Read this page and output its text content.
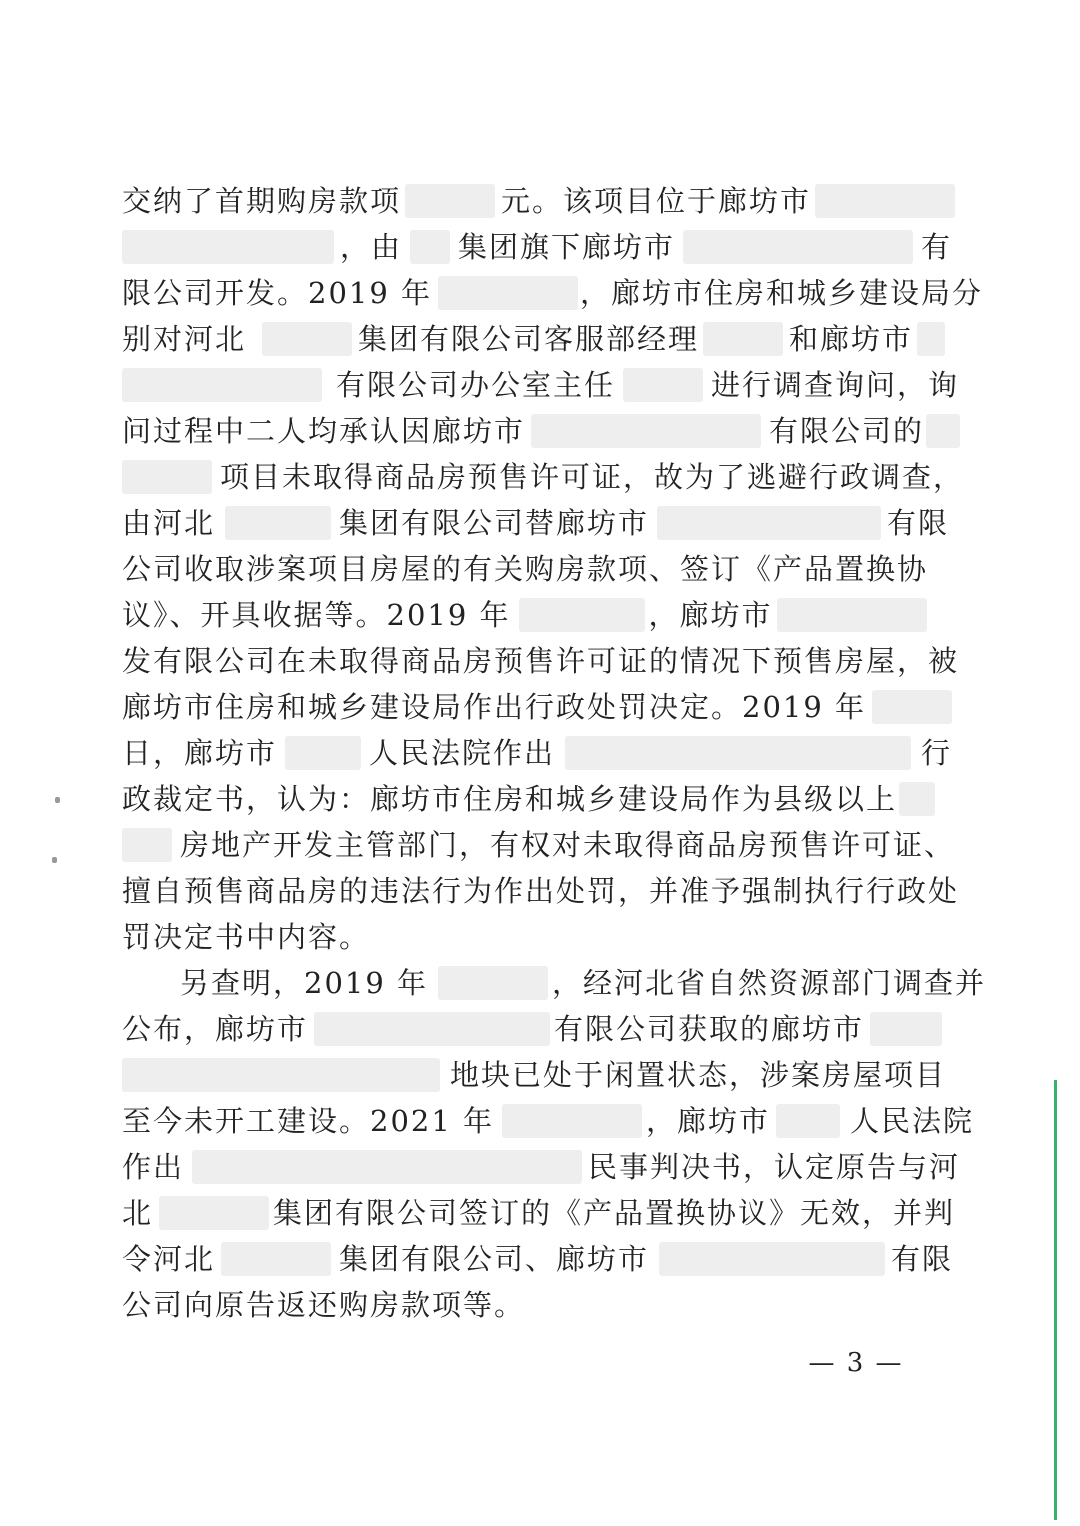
交纳了首期购房款项	元。该项目位于廊坊市
，由 集团旗下廊坊市	有
限公司开发。2019 年	，廊坊市住房和城乡建设局分
别对河北	集团有限公司客服部经理	和廊坊市
有限公司办公室主任	进行调查询问，询
问过程中二人均承认因廊坊市	有限公司的
项目未取得商品房预售许可证，故为了逃避行政调查，
由河北	集团有限公司替廊坊市	有限
公司收取涉案项目房屋的有关购房款项、签订《产品置换协
议》、开具收据等。2019 年	，廊坊市
发有限公司在未取得商品房预售许可证的情况下预售房屋，被
廊坊市住房和城乡建设局作出行政处罚决定。2019 年
日，廊坊市	人民法院作出	行
政裁定书，认为：廊坊市住房和城乡建设局作为县级以上
房地产开发主管部门，有权对未取得商品房预售许可证、
擅自预售商品房的违法行为作出处罚，并准予强制执行行政处
罚决定书中内容。
另查明，2019 年	，经河北省自然资源部门调查并
公布，廊坊市	有限公司获取的廊坊市
地块已处于闲置状态，涉案房屋项目
至今未开工建设。2021 年	，廊坊市	人民法院
作出	民事判决书，认定原告与河
北	集团有限公司签订的《产品置换协议》无效，并判
令河北	集团有限公司、廊坊市	有限
公司向原告返还购房款项等。
— 3 —
